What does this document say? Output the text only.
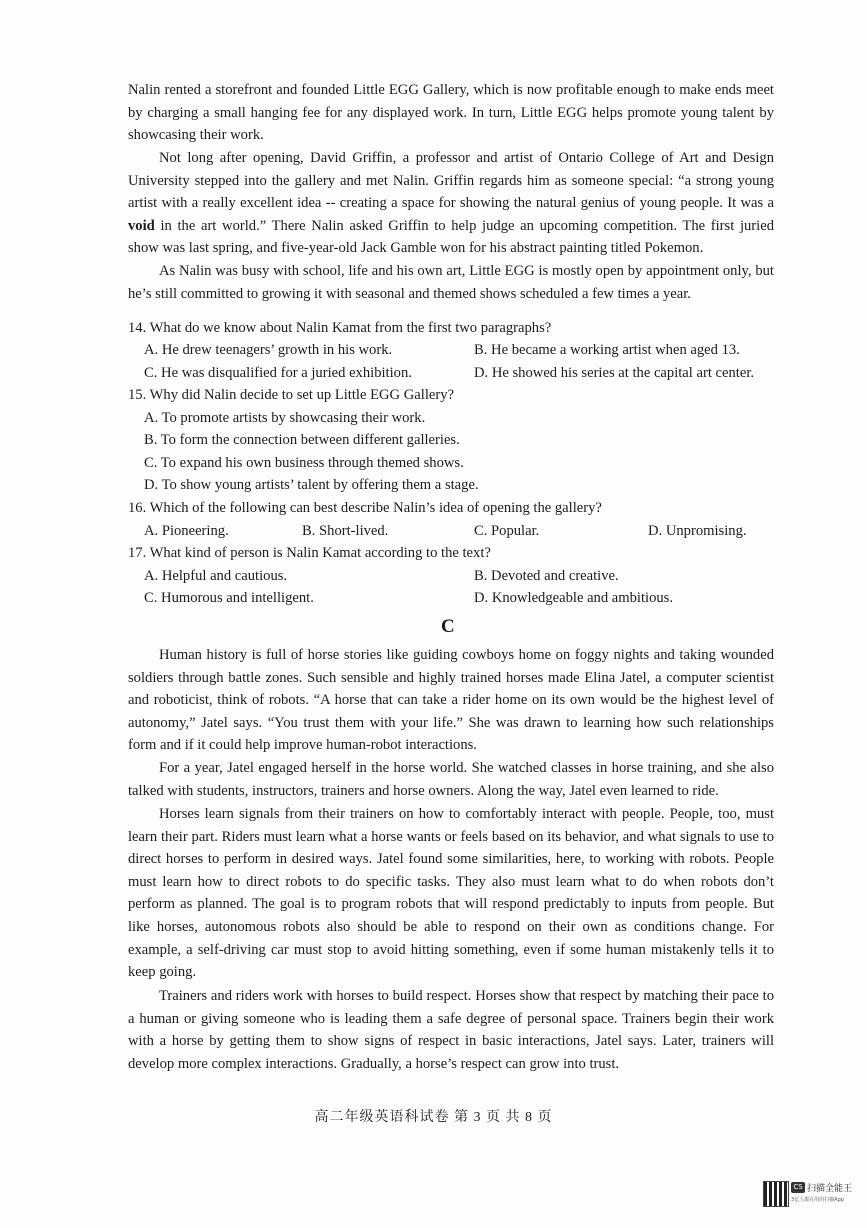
Nalin rented a storefront and founded Little EGG Gallery, which is now profitable enough to make ends meet by charging a small hanging fee for any displayed work. In turn, Little EGG helps promote young talent by showcasing their work.

Not long after opening, David Griffin, a professor and artist of Ontario College of Art and Design University stepped into the gallery and met Nalin. Griffin regards him as someone special: “a strong young artist with a really excellent idea -- creating a space for showing the natural genius of young people. It was a void in the art world.” There Nalin asked Griffin to help judge an upcoming competition. The first juried show was last spring, and five-year-old Jack Gamble won for his abstract painting titled Pokemon.

As Nalin was busy with school, life and his own art, Little EGG is mostly open by appointment only, but he’s still committed to growing it with seasonal and themed shows scheduled a few times a year.

14. What do we know about Nalin Kamat from the first two paragraphs?

A. He drew teenagers’ growth in his work.	B. He became a working artist when aged 13.

C. He was disqualified for a juried exhibition.	D. He showed his series at the capital art center.

15. Why did Nalin decide to set up Little EGG Gallery?

A. To promote artists by showcasing their work.

B. To form the connection between different galleries.

C. To expand his own business through themed shows.

D. To show young artists’ talent by offering them a stage.

16. Which of the following can best describe Nalin’s idea of opening the gallery?

A. Pioneering.	B. Short-lived.	C. Popular.	D. Unpromising.

17. What kind of person is Nalin Kamat according to the text?

A. Helpful and cautious.	B. Devoted and creative.

C. Humorous and intelligent.	D. Knowledgeable and ambitious.

C

Human history is full of horse stories like guiding cowboys home on foggy nights and taking wounded soldiers through battle zones. Such sensible and highly trained horses made Elina Jatel, a computer scientist and roboticist, think of robots. “A horse that can take a rider home on its own would be the highest level of autonomy,” Jatel says. “You trust them with your life.” She was drawn to learning how such relationships form and if it could help improve human-robot interactions.

For a year, Jatel engaged herself in the horse world. She watched classes in horse training, and she also talked with students, instructors, trainers and horse owners. Along the way, Jatel even learned to ride.

Horses learn signals from their trainers on how to comfortably interact with people. People, too, must learn their part. Riders must learn what a horse wants or feels based on its behavior, and what signals to use to direct horses to perform in desired ways. Jatel found some similarities, here, to working with robots. People must learn how to direct robots to do specific tasks. They also must learn what to do when robots don’t perform as planned. The goal is to program robots that will respond predictably to inputs from people. But like horses, autonomous robots also should be able to respond on their own as conditions change. For example, a self-driving car must stop to avoid hitting something, even if some human mistakenly tells it to keep going.

Trainers and riders work with horses to build respect. Horses show that respect by matching their pace to a human or giving someone who is leading them a safe degree of personal space. Trainers begin their work with a horse by getting them to show signs of respect in basic interactions, Jatel says. Later, trainers will develop more complex interactions. Gradually, a horse’s respect can grow into trust.

高二年级英语科试卷 第 3 页 共 8 页
CS 扫描全能王
3亿人都在用的扫描App
